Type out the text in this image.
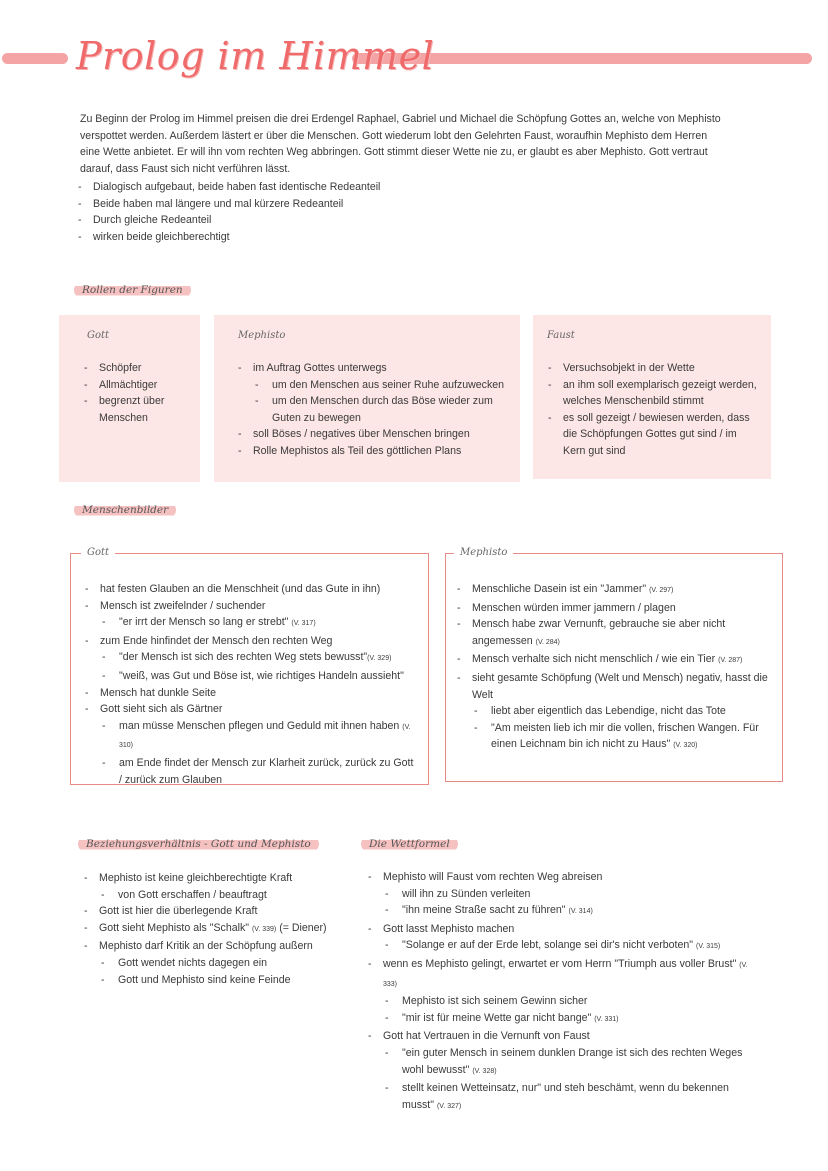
Prolog im Himmel

Zu Beginn der Prolog im Himmel preisen die drei Erdengel Raphael, Gabriel und Michael die Schöpfung Gottes an, welche von Mephisto verspottet werden. Außerdem lästert er über die Menschen. Gott wiederum lobt den Gelehrten Faust, woraufhin Mephisto dem Herren eine Wette anbietet. Er will ihn vom rechten Weg abbringen. Gott stimmt dieser Wette nie zu, er glaubt es aber Mephisto. Gott vertraut darauf, dass Faust sich nicht verführen lässt.

- Dialogisch aufgebaut, beide haben fast identische Redeanteil
- Beide haben mal längere und mal kürzere Redeanteil
- Durch gleiche Redeanteil
- wirken beide gleichberechtigt
Rollen der Figuren
Gott
- Schöpfer
- Allmächtiger
- begrenzt über Menschen
Mephisto
- im Auftrag Gottes unterwegs
- um den Menschen aus seiner Ruhe aufzuwecken
- um den Menschen durch das Böse wieder zum Guten zu bewegen
- soll Böses / negatives über Menschen bringen
- Rolle Mephistos als Teil des göttlichen Plans
Faust
- Versuchsobjekt in der Wette
- an ihm soll exemplarisch gezeigt werden, welches Menschenbild stimmt
- es soll gezeigt / bewiesen werden, dass die Schöpfungen Gottes gut sind / im Kern gut sind
Menschenbilder
Gott
- hat festen Glauben an die Menschheit (und das Gute in ihn)
- Mensch ist zweifelnder / suchender
- "er irrt der Mensch so lang er strebt" (V. 317)
- zum Ende hinfindet der Mensch den rechten Weg
- "der Mensch ist sich des rechten Weg stets bewusst"(V. 329)
- "weiß, was Gut und Böse ist, wie richtiges Handeln aussieht"
- Mensch hat dunkle Seite
- Gott sieht sich als Gärtner
- man müsse Menschen pflegen und Geduld mit ihnen haben (V. 310)
- am Ende findet der Mensch zur Klarheit zurück, zurück zu Gott / zurück zum Glauben
Mephisto
- Menschliche Dasein ist ein "Jammer" (V. 297)
- Menschen würden immer jammern / plagen
- Mensch habe zwar Vernunft, gebrauche sie aber nicht angemessen (V. 284)
- Mensch verhalte sich nicht menschlich / wie ein Tier (V. 287)
- sieht gesamte Schöpfung (Welt und Mensch) negativ, hasst die Welt
- liebt aber eigentlich das Lebendige, nicht das Tote
- "Am meisten lieb ich mir die vollen, frischen Wangen. Für einen Leichnam bin ich nicht zu Haus" (V. 320)
Beziehungsverhältnis - Gott und Mephisto
- Mephisto ist keine gleichberechtigte Kraft
- von Gott erschaffen / beauftragt
- Gott ist hier die überlegende Kraft
- Gott sieht Mephisto als "Schalk" (V. 339) (= Diener)
- Mephisto darf Kritik an der Schöpfung außern
- Gott wendet nichts dagegen ein
- Gott und Mephisto sind keine Feinde
Die Wettformel
- Mephisto will Faust vom rechten Weg abreisen
- will ihn zu Sünden verleiten
- "ihn meine Straße sacht zu führen" (V. 314)
- Gott lasst Mephisto machen
- "Solange er auf der Erde lebt, solange sei dir's nicht verboten" (V. 315)
- wenn es Mephisto gelingt, erwartet er vom Herrn "Triumph aus voller Brust" (V. 333)
- Mephisto ist sich seinem Gewinn sicher
- "mir ist für meine Wette gar nicht bange" (V. 331)
- Gott hat Vertrauen in die Vernunft von Faust
- "ein guter Mensch in seinem dunklen Drange ist sich des rechten Weges wohl bewusst" (V. 328)
- stellt keinen Wetteinsatz, nur" und steh beschämt, wenn du bekennen musst" (V. 327)
